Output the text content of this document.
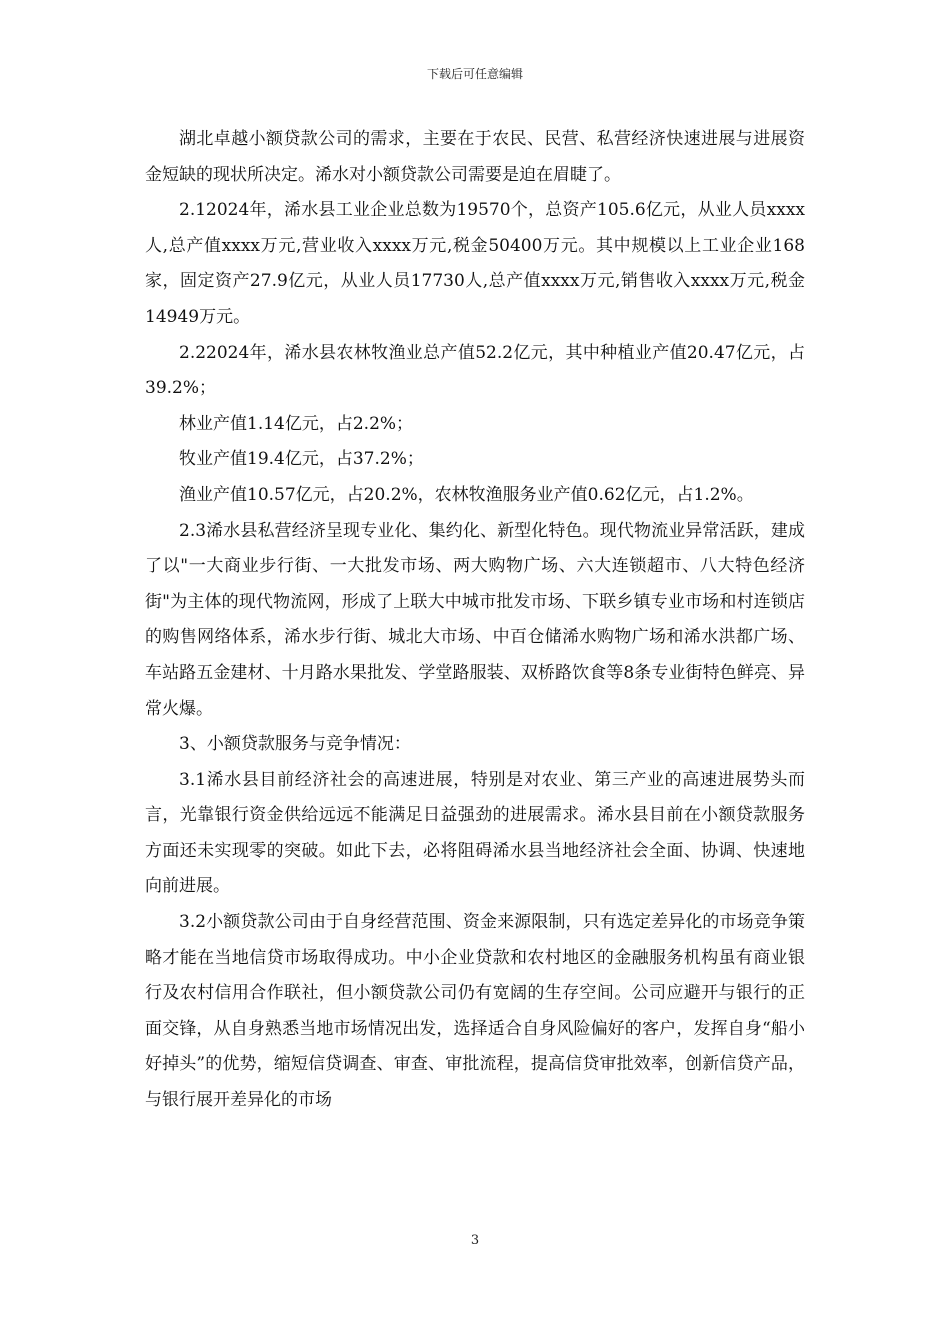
下载后可任意编辑

湖北卓越小额贷款公司的需求，主要在于农民、民营、私营经济快速进展与进展资金短缺的现状所决定。浠水对小额贷款公司需要是迫在眉睫了。

2.12024年，浠水县工业企业总数为19570个，总资产105.6亿元，从业人员xxxx人,总产值xxxx万元,营业收入xxxx万元,税金50400万元。其中规模以上工业企业168家，固定资产27.9亿元，从业人员17730人,总产值xxxx万元,销售收入xxxx万元,税金14949万元。

2.22024年，浠水县农林牧渔业总产值52.2亿元，其中种植业产值20.47亿元，占39.2%；

林业产值1.14亿元，占2.2%；

牧业产值19.4亿元，占37.2%；

渔业产值10.57亿元，占20.2%，农林牧渔服务业产值0.62亿元，占1.2%。

2.3浠水县私营经济呈现专业化、集约化、新型化特色。现代物流业异常活跃，建成了以"一大商业步行街、一大批发市场、两大购物广场、六大连锁超市、八大特色经济街"为主体的现代物流网，形成了上联大中城市批发市场、下联乡镇专业市场和村连锁店的购售网络体系，浠水步行街、城北大市场、中百仓储浠水购物广场和浠水洪都广场、车站路五金建材、十月路水果批发、学堂路服装、双桥路饮食等8条专业街特色鲜亮、异常火爆。

3、小额贷款服务与竞争情况：

3.1浠水县目前经济社会的高速进展，特别是对农业、第三产业的高速进展势头而言，光靠银行资金供给远远不能满足日益强劲的进展需求。浠水县目前在小额贷款服务方面还未实现零的突破。如此下去，必将阻碍浠水县当地经济社会全面、协调、快速地向前进展。

3.2小额贷款公司由于自身经营范围、资金来源限制，只有选定差异化的市场竞争策略才能在当地信贷市场取得成功。中小企业贷款和农村地区的金融服务机构虽有商业银行及农村信用合作联社，但小额贷款公司仍有宽阔的生存空间。公司应避开与银行的正面交锋，从自身熟悉当地市场情况出发，选择适合自身风险偏好的客户，发挥自身“船小好掉头”的优势，缩短信贷调查、审查、审批流程，提高信贷审批效率，创新信贷产品，与银行展开差异化的市场

3
